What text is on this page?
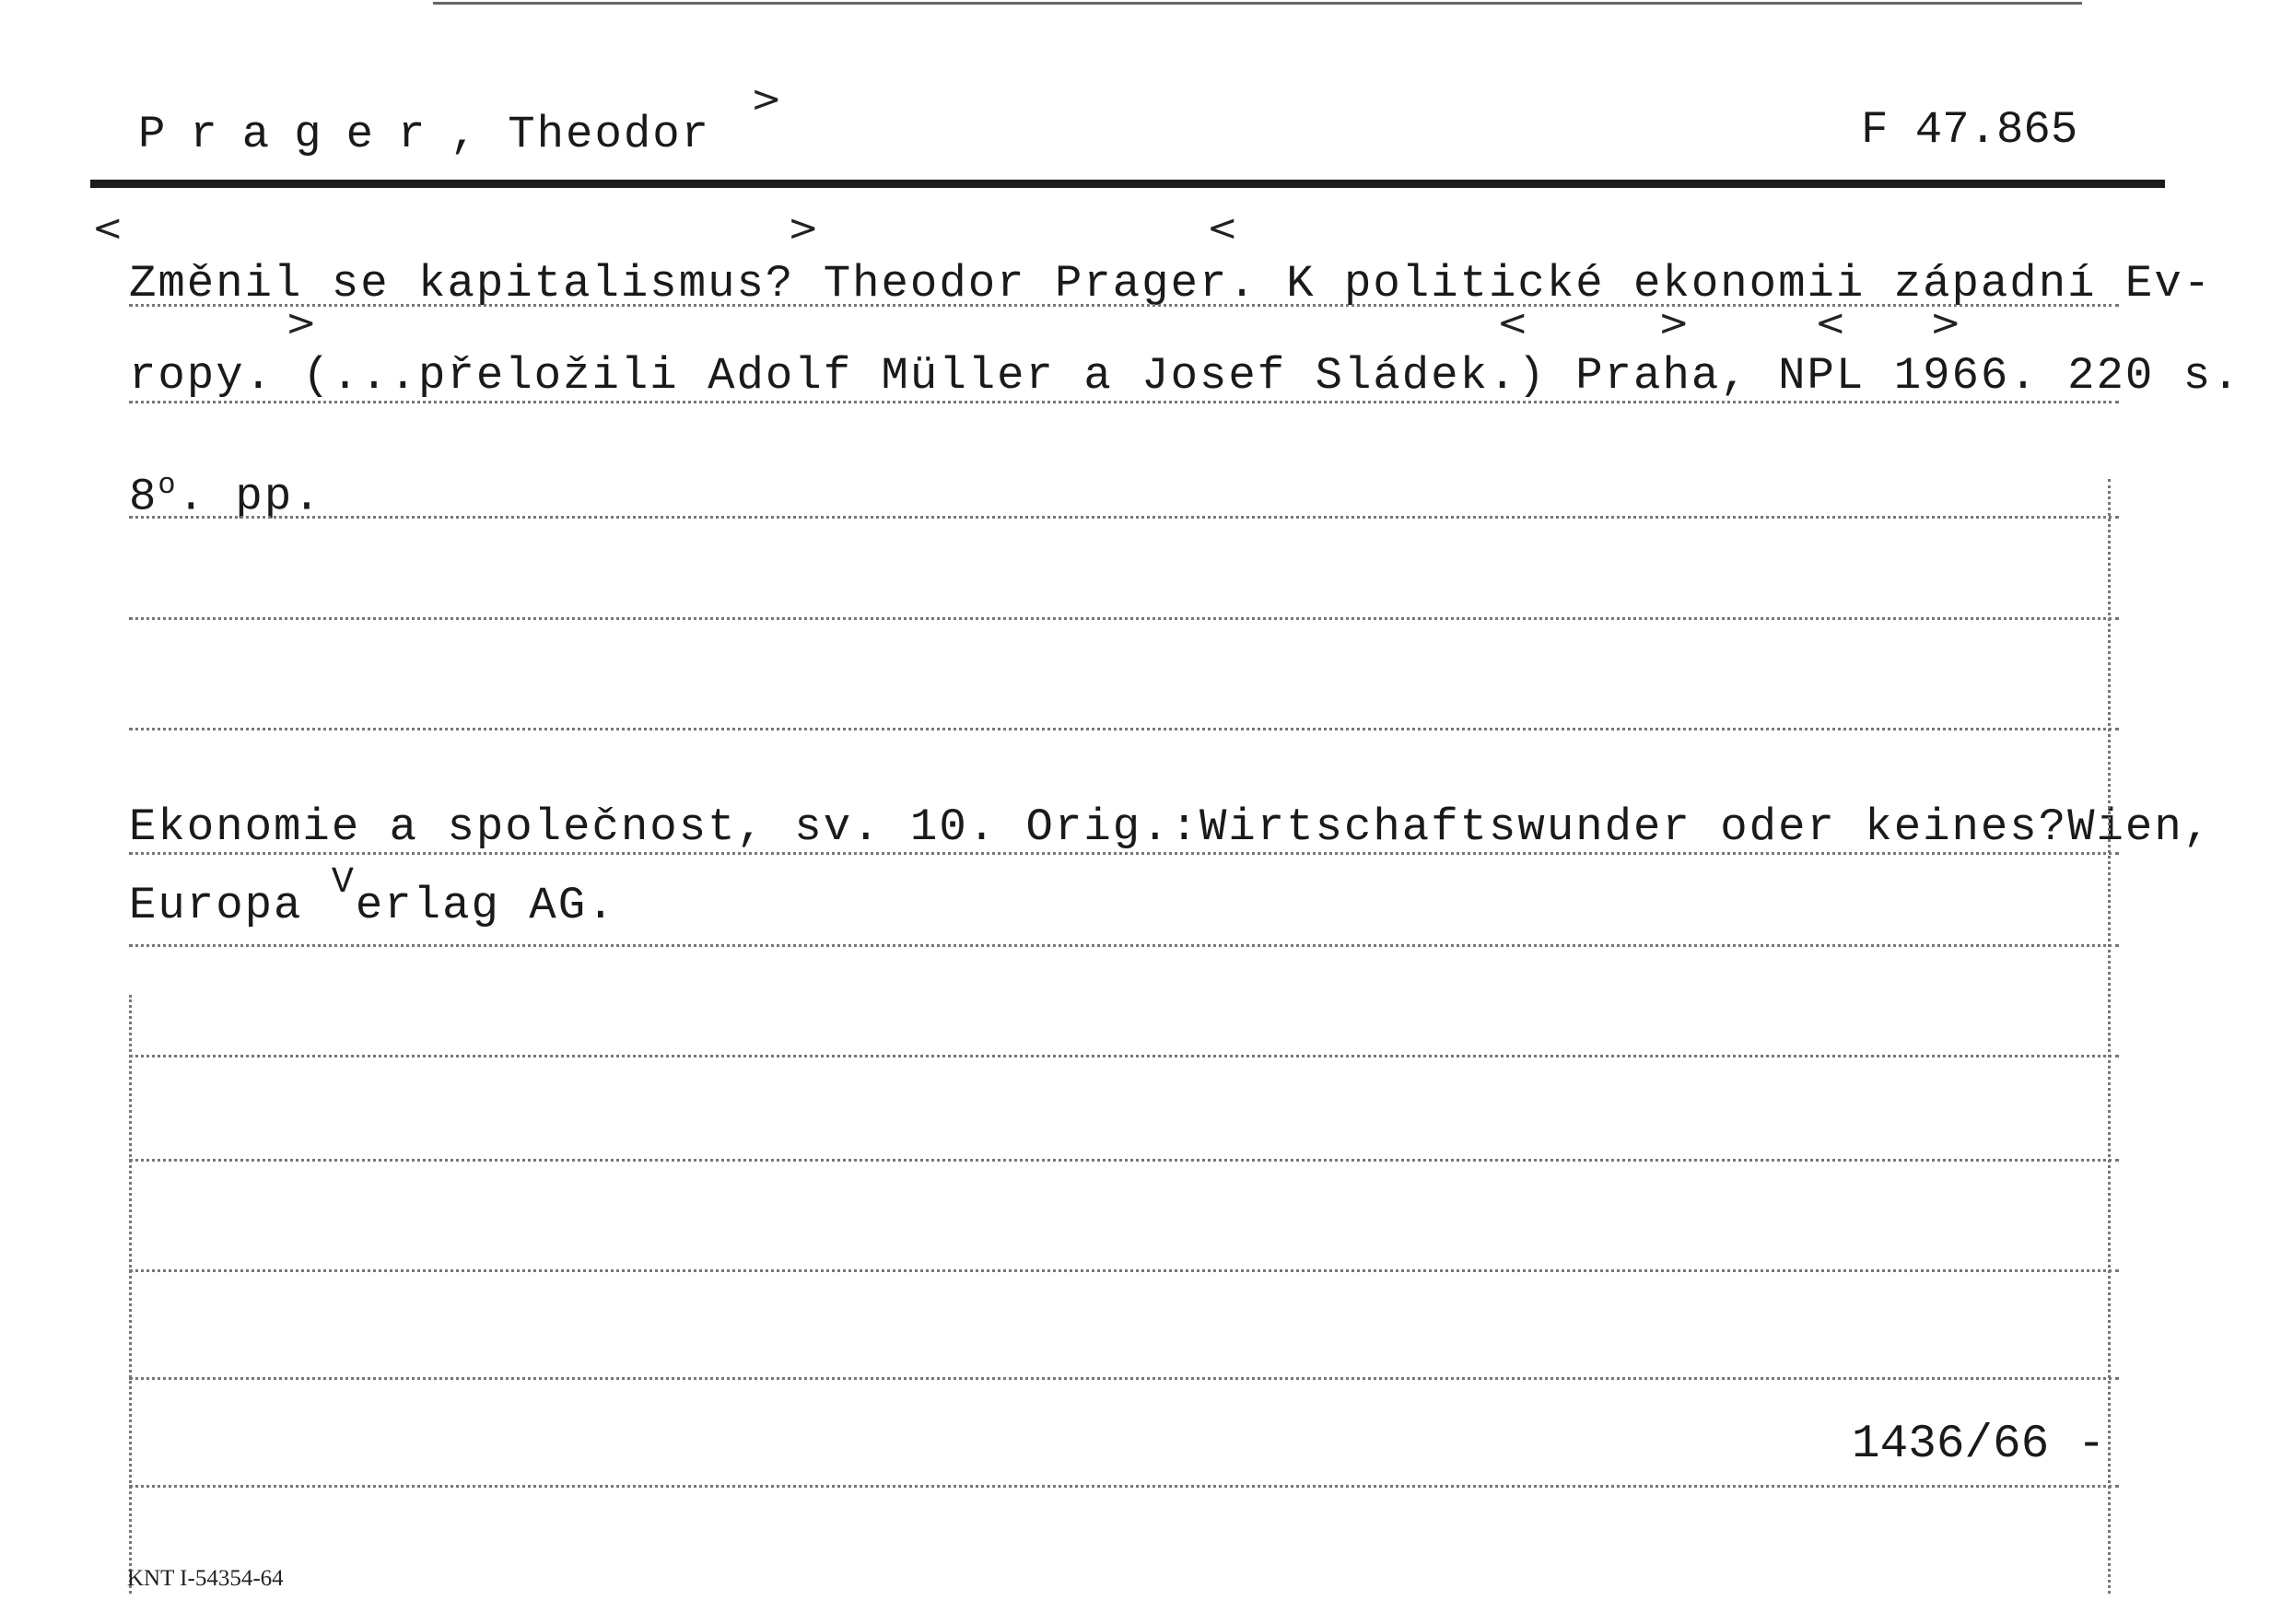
Prager, Theodor
>
F 47.865
<	>	<
Změnil se kapitalismus? Theodor Prager. K politické ekonomii západní Ev-
>	<	>	< >
ropy. (...přeložili Adolf Müller a Josef Sládek.) Praha, NPL 1966. 220 s.
8$^o$. pp.
Ekonomie a společnost, sv. 10. Orig.:Wirtschaftswunder oder keines?Wien,
Europa $^V$erlag AG.
1436/66 -
KNT I-54354-64
